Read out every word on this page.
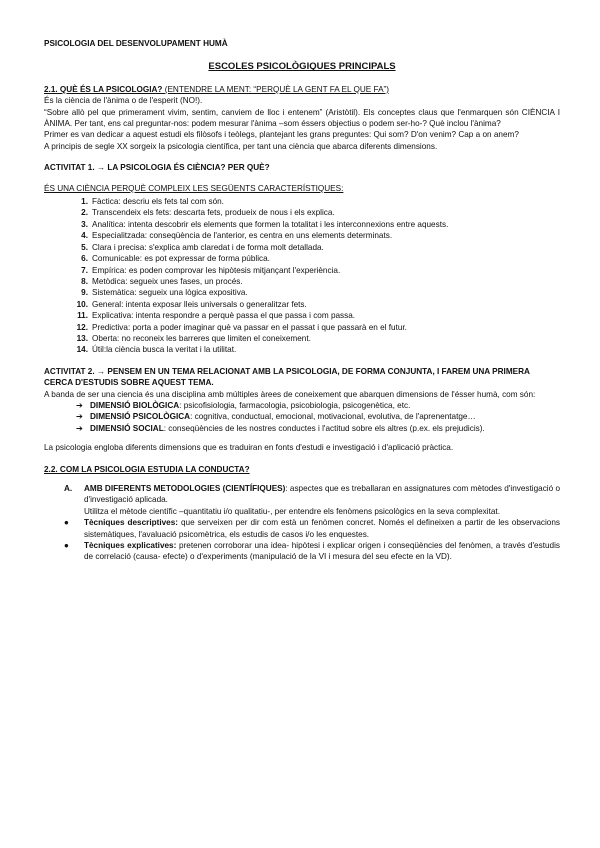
PSICOLOGIA DEL DESENVOLUPAMENT HUMÀ
ESCOLES PSICOLÒGIQUES PRINCIPALS

2.1. QUÈ ÉS LA PSICOLOGIA? (ENTENDRE LA MENT: “PERQUÈ LA GENT FA EL QUE FA”)

És la ciència de l'ànima o de l'esperit (NO!).

“Sobre allò pel que primerament vivim, sentim, canviem de lloc i entenem” (Aristòtil). Els conceptes claus que l'enmarquen són CIÈNCIA I ÀNIMA. Per tant, ens cal preguntar-nos: podem mesurar l'ànima –som éssers objectius o podem ser-ho-? Què inclou l'ànima?

Primer es van dedicar a aquest estudi els filòsofs i teòlegs, plantejant les grans preguntes: Qui som? D'on venim? Cap a on anem?

A principis de segle XX sorgeix la psicologia científica, per tant una ciència que abarca diferents dimensions.

ACTIVITAT 1. → LA PSICOLOGIA ÉS CIÈNCIA? PER QUÈ?

ÉS UNA CIÈNCIA PERQUÈ COMPLEIX LES SEGÜENTS CARACTERÍSTIQUES:

1. Fàctica: descriu els fets tal com són.
2. Transcendeix els fets: descarta fets, produeix de nous i els explica.
3. Analítica: intenta descobrir els elements que formen la totalitat i les interconnexions entre aquests.
4. Especialitzada: conseqüència de l'anterior, es centra en uns elements determinats.
5. Clara i precisa: s'explica amb claredat i de forma molt detallada.
6. Comunicable: es pot expressar de forma pública.
7. Empírica: es poden comprovar les hipòtesis mitjançant l'experiència.
8. Metòdica: segueix unes fases, un procés.
9. Sistemàtica: segueix una lògica expositiva.
10. General: intenta exposar lleis universals o generalitzar fets.
11. Explicativa: intenta respondre a perquè passa el que passa i com passa.
12. Predictiva: porta a poder imaginar què va passar en el passat i que passarà en el futur.
13. Oberta: no reconeix les barreres que limiten el coneixement.
14. Útil:la ciència busca la veritat i la utilitat.

ACTIVITAT 2. → PENSEM EN UN TEMA RELACIONAT AMB LA PSICOLOGIA, DE FORMA CONJUNTA, I FAREM UNA PRIMERA CERCA D'ESTUDIS SOBRE AQUEST TEMA.

A banda de ser una ciencia és una disciplina amb múltiples àrees de coneixement que abarquen dimensions de l'ésser humà, com són:

➔ DIMENSIÓ BIOLÒGICA: psicofisiologia, farmacologia, psicobiologia, psicogenètica, etc.
➔ DIMENSIÓ PSICOLÒGICA: cognitiva, conductual, emocional, motivacional, evolutiva, de l'aprenentatge…
➔ DIMENSIÓ SOCIAL: conseqüències de les nostres conductes i l'actitud sobre els altres (p.ex. els prejudicis).

La psicologia engloba diferents dimensions que es traduiran en fonts d'estudi e investigació i d'aplicació pràctica.

2.2. COM LA PSICOLOGIA ESTUDIA LA CONDUCTA?

A. AMB DIFERENTS METODOLOGIES (CIENTÍFIQUES): aspectes que es treballaran en assignatures com mètodes d'investigació o d'investigació aplicada.

Utilitza el mètode científic –quantitatiu i/o qualitatiu-, per entendre els fenòmens psicològics en la seva complexitat.

● Tècniques descriptives: que serveixen per dir com està un fenòmen concret. Només el defineixen a partir de les observacions sistemàtiques, l'avaluació psicomètrica, els estudis de casos i/o les enquestes.
● Tècniques explicatives: pretenen corroborar una idea- hipòtesi i explicar origen i conseqüències del fenòmen, a través d'estudis de correlació (causa- efecte) o d'experiments (manipulació de la VI i mesura del seu efecte en la VD).
